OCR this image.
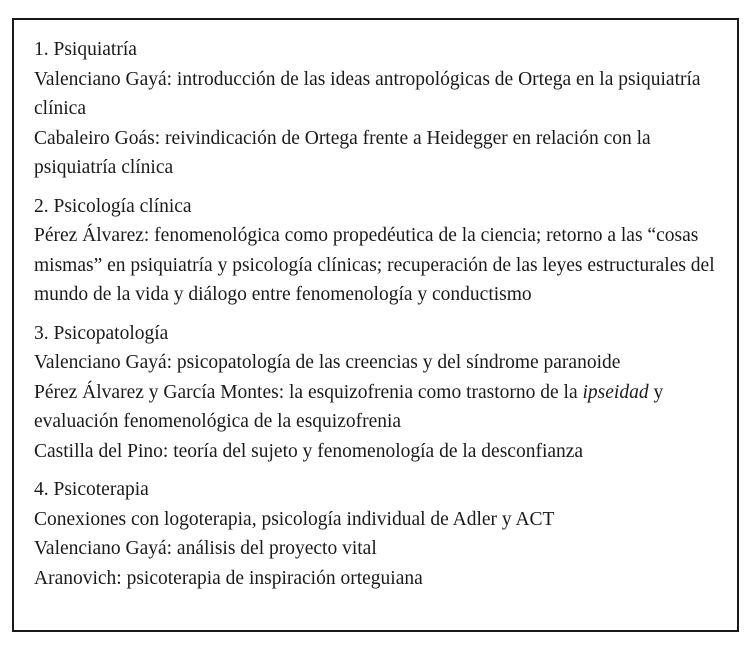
1. Psiquiatría
Valenciano Gayá: introducción de las ideas antropológicas de Ortega en la psiquiatría clínica
Cabaleiro Goás: reivindicación de Ortega frente a Heidegger en relación con la psiquiatría clínica
2. Psicología clínica
Pérez Álvarez: fenomenológica como propedéutica de la ciencia; retorno a las “cosas mismas” en psiquiatría y psicología clínicas; recuperación de las leyes estructurales del mundo de la vida y diálogo entre fenomenología y conductismo
3. Psicopatología
Valenciano Gayá: psicopatología de las creencias y del síndrome paranoide
Pérez Álvarez y García Montes: la esquizofrenia como trastorno de la ipseidad y evaluación fenomenológica de la esquizofrenia
Castilla del Pino: teoría del sujeto y fenomenología de la desconfianza
4. Psicoterapia
Conexiones con logoterapia, psicología individual de Adler y ACT
Valenciano Gayá: análisis del proyecto vital
Aranovich: psicoterapia de inspiración orteguiana
